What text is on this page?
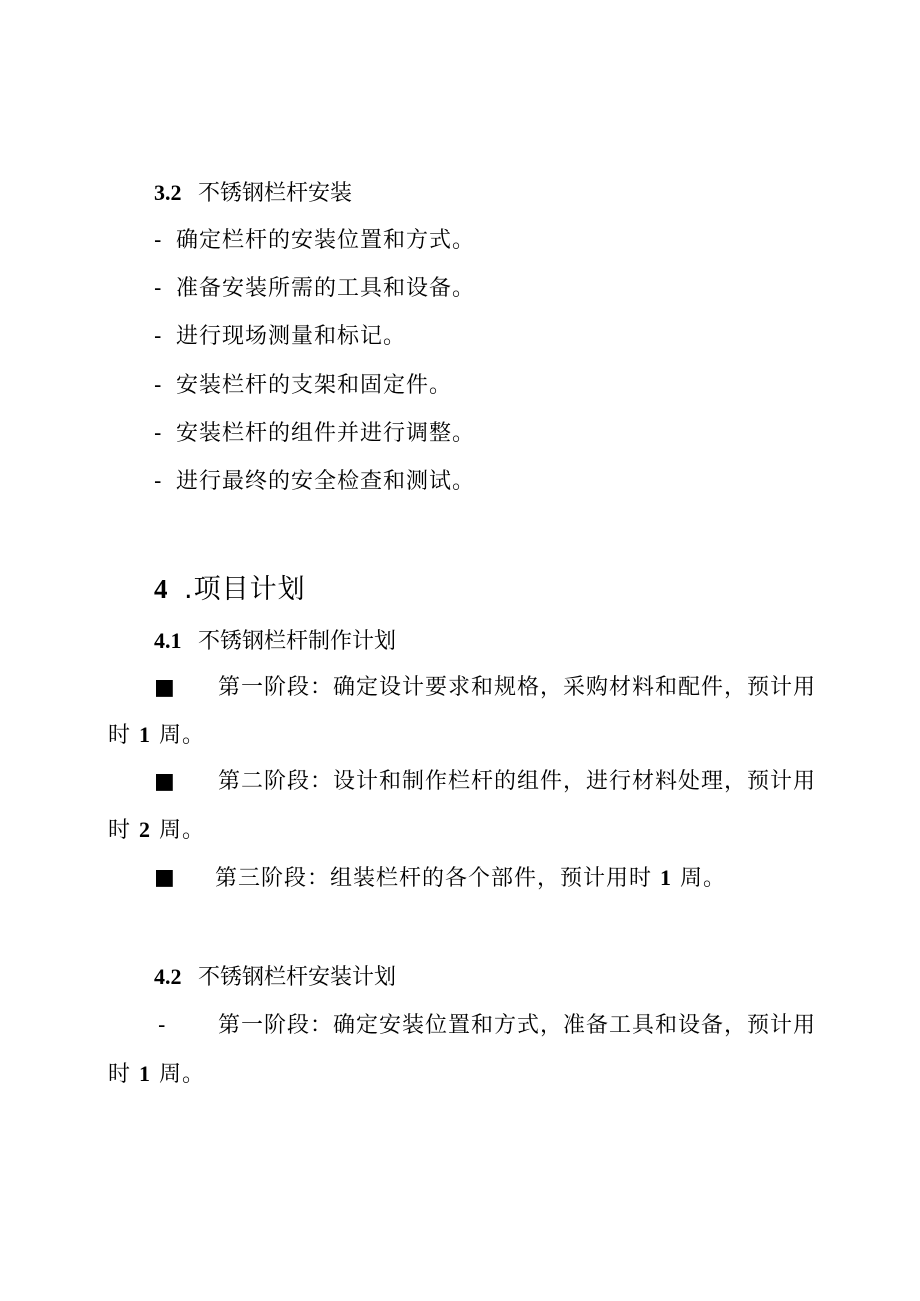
3.2 不锈钢栏杆安装
- 确定栏杆的安装位置和方式。
- 准备安装所需的工具和设备。
- 进行现场测量和标记。
- 安装栏杆的支架和固定件。
- 安装栏杆的组件并进行调整。
- 进行最终的安全检查和测试。
4 .项目计划
4.1 不锈钢栏杆制作计划
■ 第一阶段：确定设计要求和规格，采购材料和配件，预计用
时 1 周。
■ 第二阶段：设计和制作栏杆的组件，进行材料处理，预计用
时 2 周。
■ 第三阶段：组装栏杆的各个部件，预计用时 1 周。
4.2 不锈钢栏杆安装计划
- 第一阶段：确定安装位置和方式，准备工具和设备，预计用
时 1 周。
